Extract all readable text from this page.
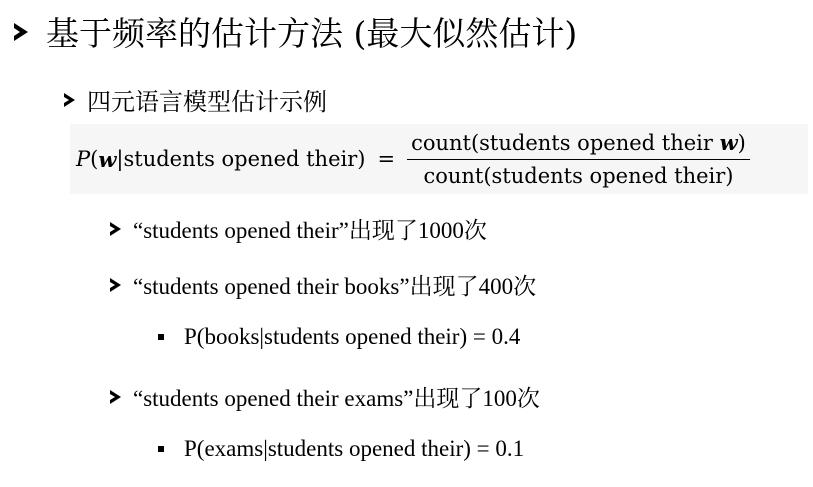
基于频率的估计方法 (最大似然估计)
四元语言模型估计示例
P ( w |students opened their) = $\frac{\text{count(students opened their w)}}{\text{count(students opened their)}}$
“students opened their”出现了1000次
“students opened their books”出现了400次
P(books|students opened their) = 0.4
“students opened their exams”出现了100次
P(exams|students opened their) = 0.1
